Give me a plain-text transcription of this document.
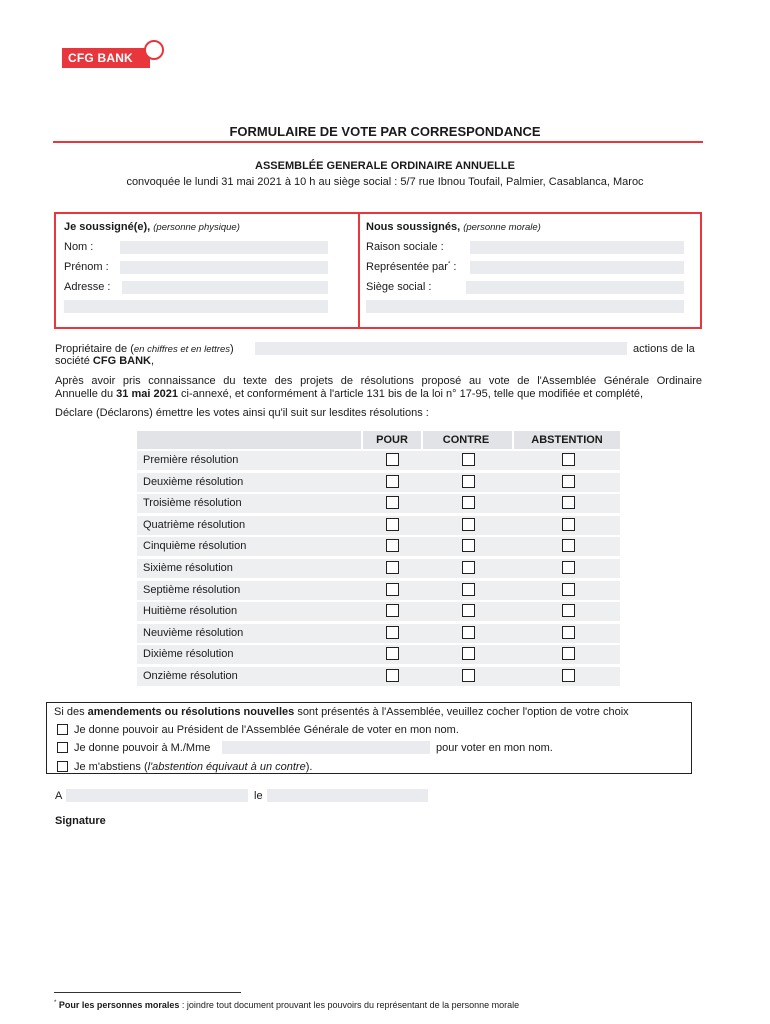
CFG BANK
FORMULAIRE DE VOTE PAR CORRESPONDANCE
ASSEMBLÉE GENERALE ORDINAIRE ANNUELLE
convoquée le lundi 31 mai 2021 à 10 h au siège social : 5/7 rue Ibnou Toufail, Palmier, Casablanca, Maroc
Je soussigné(e), (personne physique)
Nom :
Prénom :
Adresse :
Nous soussignés, (personne morale)
Raison sociale :
Représentée par* :
Siège social :
Propriétaire de (en chiffres et en lettres)	actions de la
société CFG BANK,
Après avoir pris connaissance du texte des projets de résolutions proposé au vote de l'Assemblée Générale Ordinaire
Annuelle du 31 mai 2021 ci-annexé, et conformément à l'article 131 bis de la loi n° 17-95, telle que modifiée et complété,
Déclare (Déclarons) émettre les votes ainsi qu'il suit sur lesdites résolutions :
POUR	CONTRE	ABSTENTION
Première résolution
Deuxième résolution
Troisième résolution
Quatrième résolution
Cinquième résolution
Sixième résolution
Septième résolution
Huitième résolution
Neuvième résolution
Dixième résolution
Onzième résolution
Si des amendements ou résolutions nouvelles sont présentés à l'Assemblée, veuillez cocher l'option de votre choix
Je donne pouvoir au Président de l'Assemblée Générale de voter en mon nom.
Je donne pouvoir à M./Mme	pour voter en mon nom.
Je m'abstiens (l'abstention équivaut à un contre).
A	le
Signature
* Pour les personnes morales : joindre tout document prouvant les pouvoirs du représentant de la personne morale
